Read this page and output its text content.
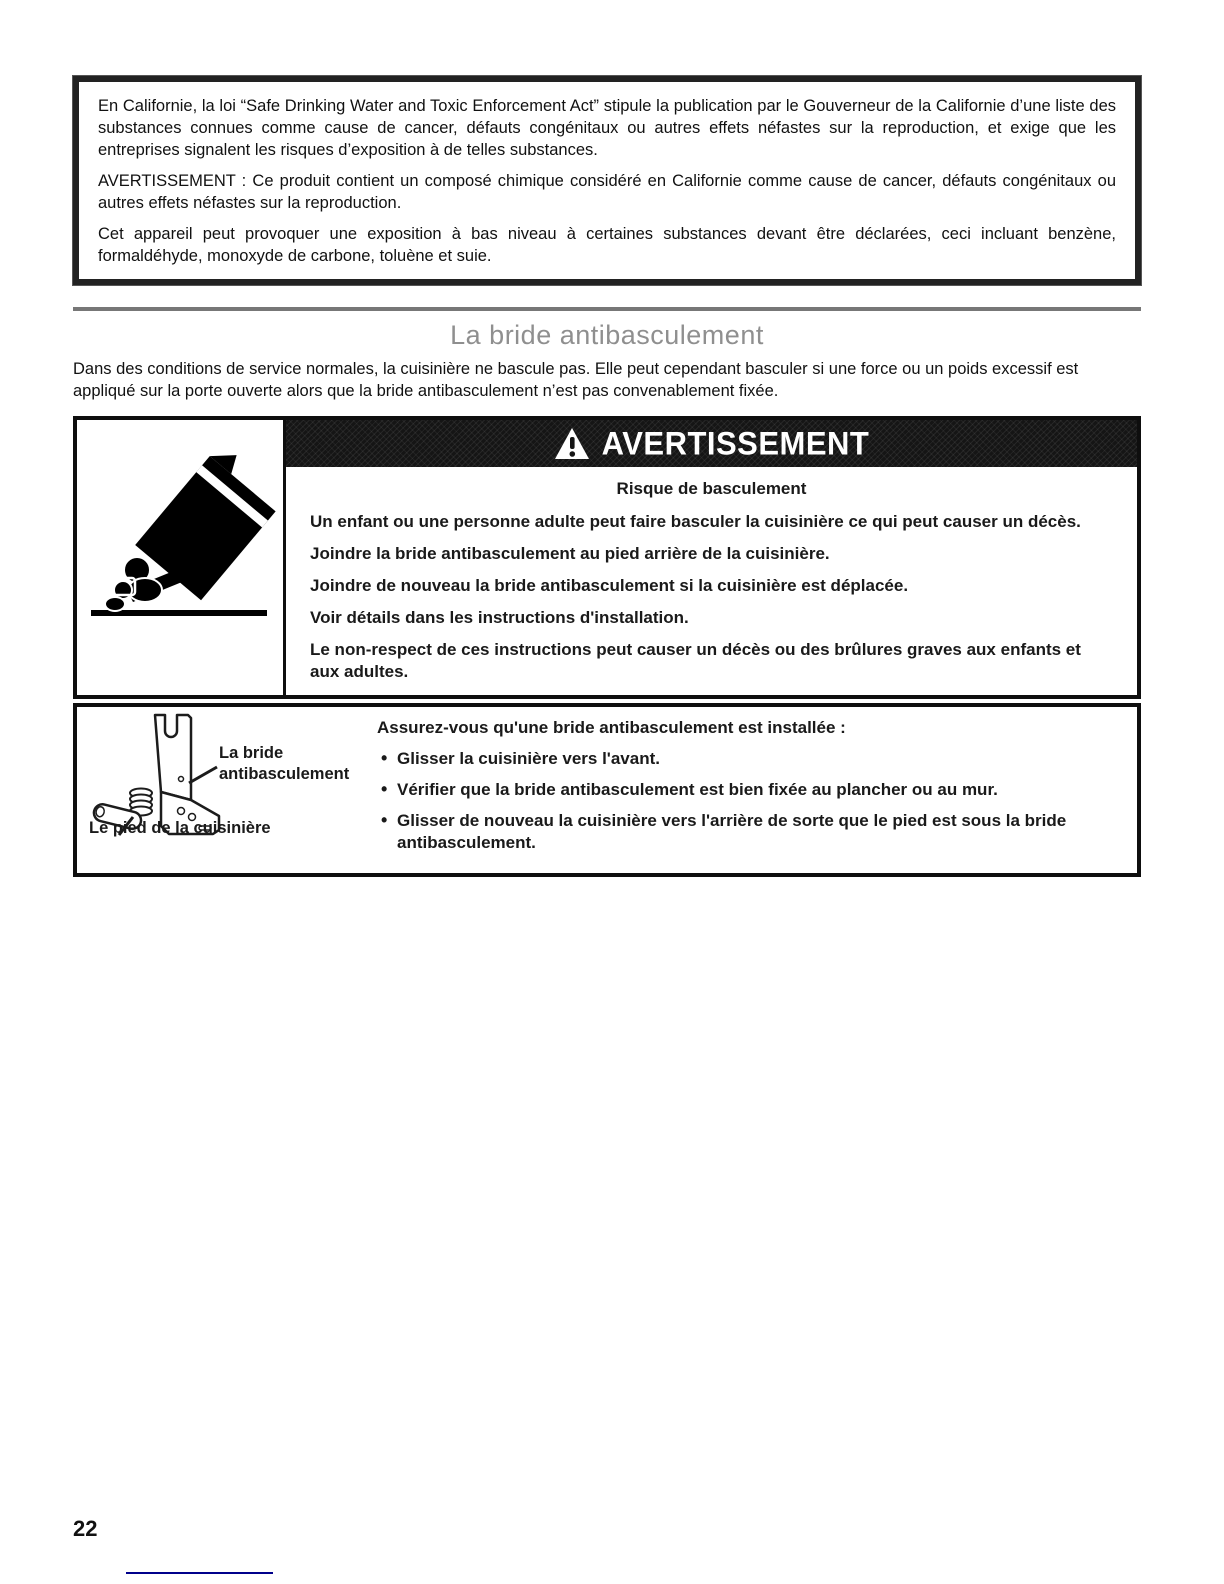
En Californie, la loi “Safe Drinking Water and Toxic Enforcement Act” stipule la publication par le Gouverneur de la Californie d’une liste des substances connues comme cause de cancer, défauts congénitaux ou autres effets néfastes sur la reproduction, et exige que les entreprises signalent les risques d’exposition à de telles substances.

AVERTISSEMENT : Ce produit contient un composé chimique considéré en Californie comme cause de cancer, défauts congénitaux ou autres effets néfastes sur la reproduction.

Cet appareil peut provoquer une exposition à bas niveau à certaines substances devant être déclarées, ceci incluant benzène, formaldéhyde, monoxyde de carbone, toluène et suie.

La bride antibasculement

Dans des conditions de service normales, la cuisinière ne bascule pas. Elle peut cependant basculer si une force ou un poids excessif est appliqué sur la porte ouverte alors que la bride antibasculement n’est pas convenablement fixée.

AVERTISSEMENT
Risque de basculement

Un enfant ou une personne adulte peut faire basculer la cuisinière ce qui peut causer un décès.

Joindre la bride antibasculement au pied arrière de la cuisinière.

Joindre de nouveau la bride antibasculement si la cuisinière est déplacée.

Voir détails dans les instructions d'installation.

Le non-respect de ces instructions peut causer un décès ou des brûlures graves aux enfants et aux adultes.

La bride antibasculement
Le pied de la cuisinière

Assurez-vous qu'une bride antibasculement est installée :

• Glisser la cuisinière vers l'avant.
• Vérifier que la bride antibasculement est bien fixée au plancher ou au mur.
• Glisser de nouveau la cuisinière vers l'arrière de sorte que le pied est sous la bride antibasculement.
22
